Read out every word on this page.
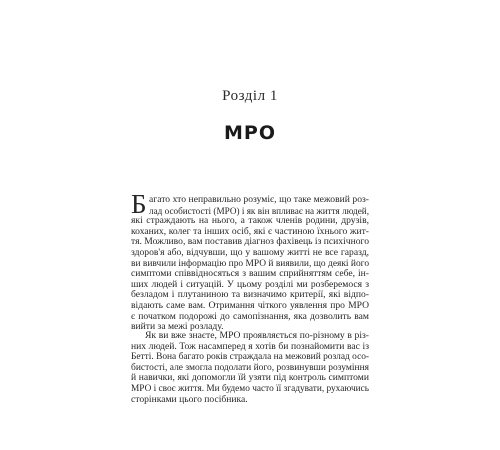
Розділ 1
МРО
Б агато хто неправильно розуміє, що таке межовий роз-
лад особистості (МРО) і як він впливає на життя людей,
які страждають на нього, а також членів родини, друзів,
коханих, колег та інших осіб, які є частиною їхнього жит-
тя. Можливо, вам поставив діагноз фахівець із психічного
здоров'я або, відчувши, що у вашому житті не все гаразд,
ви вивчили інформацію про МРО й виявили, що деякі його
симптоми співвідносяться з вашим сприйняттям себе, ін-
ших людей і ситуацій. У цьому розділі ми розберемося з
безладом і плутаниною та визначимо критерії, які відпо-
відають саме вам. Отримання чіткого уявлення про МРО
є початком подорожі до самопізнання, яка дозволить вам
вийти за межі розладу.
Як ви вже знаєте, МРО проявляється по-різному в різ-
них людей. Тож насамперед я хотів би познайомити вас із
Бетті. Вона багато років страждала на межовий розлад осо-
бистості, але змогла подолати його, розвинувши розуміння
й навички, які допомогли їй узяти під контроль симптоми
МРО і своє життя. Ми будемо часто її згадувати, рухаючись
сторінками цього посібника.
